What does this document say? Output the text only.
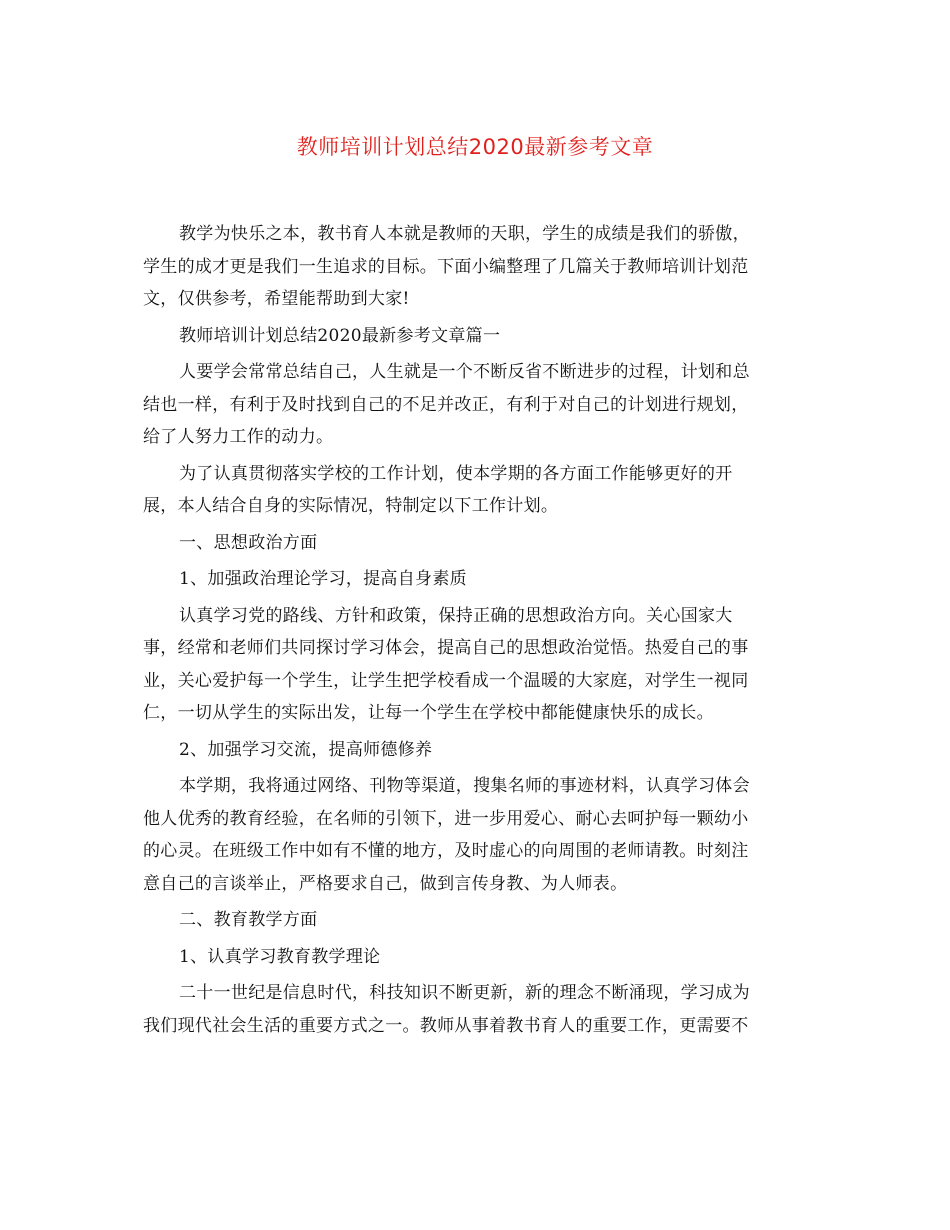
教师培训计划总结2020最新参考文章
教学为快乐之本，教书育人本就是教师的天职，学生的成绩是我们的骄傲，
学生的成才更是我们一生追求的目标。下面小编整理了几篇关于教师培训计划范
文，仅供参考，希望能帮助到大家!
教师培训计划总结2020最新参考文章篇一
人要学会常常总结自己，人生就是一个不断反省不断进步的过程，计划和总
结也一样，有利于及时找到自己的不足并改正，有利于对自己的计划进行规划，
给了人努力工作的动力。
为了认真贯彻落实学校的工作计划，使本学期的各方面工作能够更好的开
展，本人结合自身的实际情况，特制定以下工作计划。
一、思想政治方面
1、加强政治理论学习，提高自身素质
认真学习党的路线、方针和政策，保持正确的思想政治方向。关心国家大
事，经常和老师们共同探讨学习体会，提高自己的思想政治觉悟。热爱自己的事
业，关心爱护每一个学生，让学生把学校看成一个温暖的大家庭，对学生一视同
仁，一切从学生的实际出发，让每一个学生在学校中都能健康快乐的成长。
2、加强学习交流，提高师德修养
本学期，我将通过网络、刊物等渠道，搜集名师的事迹材料，认真学习体会
他人优秀的教育经验，在名师的引领下，进一步用爱心、耐心去呵护每一颗幼小
的心灵。在班级工作中如有不懂的地方，及时虚心的向周围的老师请教。时刻注
意自己的言谈举止，严格要求自己，做到言传身教、为人师表。
二、教育教学方面
1、认真学习教育教学理论
二十一世纪是信息时代，科技知识不断更新，新的理念不断涌现，学习成为
我们现代社会生活的重要方式之一。教师从事着教书育人的重要工作，更需要不
